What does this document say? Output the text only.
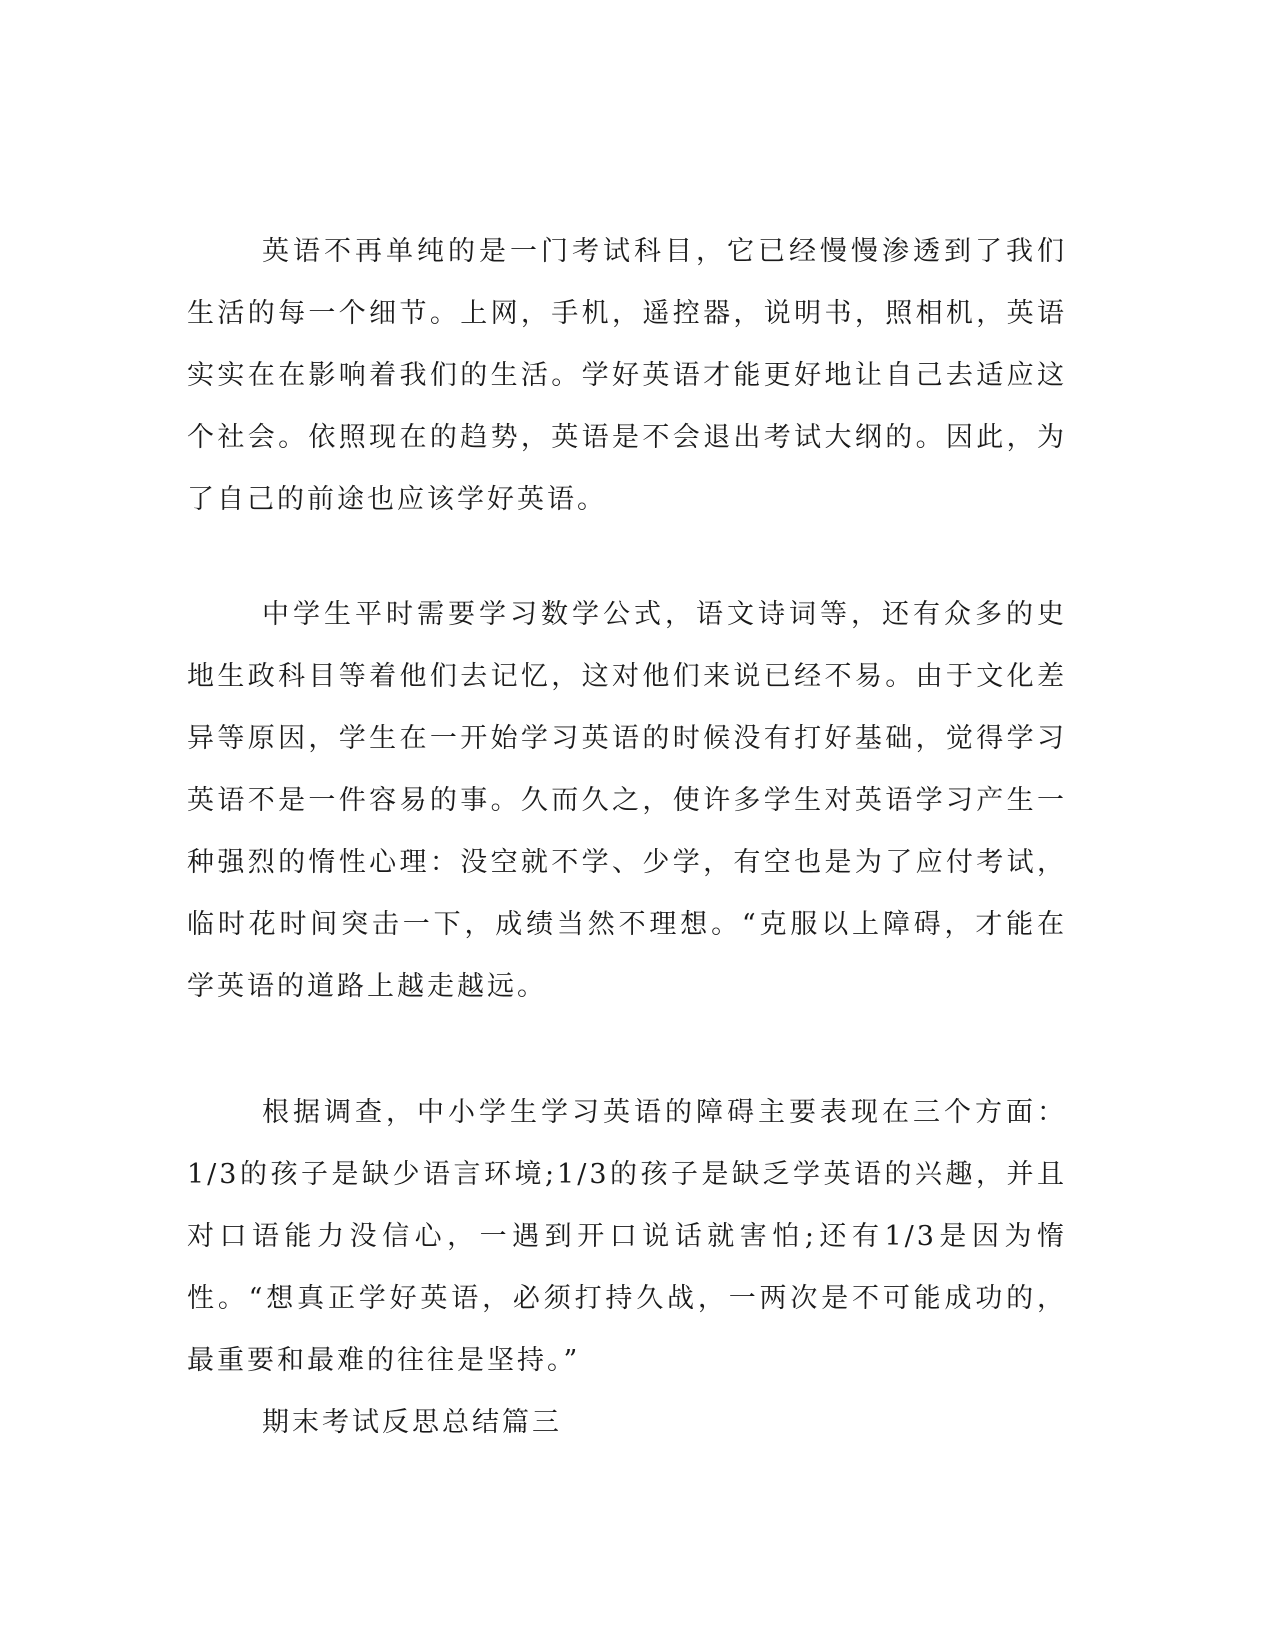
英语不再单纯的是一门考试科目，它已经慢慢渗透到了我们生活的每一个细节。上网，手机，遥控器，说明书，照相机，英语实实在在影响着我们的生活。学好英语才能更好地让自己去适应这个社会。依照现在的趋势，英语是不会退出考试大纲的。因此，为了自己的前途也应该学好英语。

中学生平时需要学习数学公式，语文诗词等，还有众多的史地生政科目等着他们去记忆，这对他们来说已经不易。由于文化差异等原因，学生在一开始学习英语的时候没有打好基础，觉得学习英语不是一件容易的事。久而久之，使许多学生对英语学习产生一种强烈的惰性心理：没空就不学、少学，有空也是为了应付考试，临时花时间突击一下，成绩当然不理想。“克服以上障碍，才能在学英语的道路上越走越远。

根据调查，中小学生学习英语的障碍主要表现在三个方面：1/3的孩子是缺少语言环境;1/3的孩子是缺乏学英语的兴趣，并且对口语能力没信心，一遇到开口说话就害怕;还有1/3是因为惰性。“想真正学好英语，必须打持久战，一两次是不可能成功的，最重要和最难的往往是坚持。”

期末考试反思总结篇三
